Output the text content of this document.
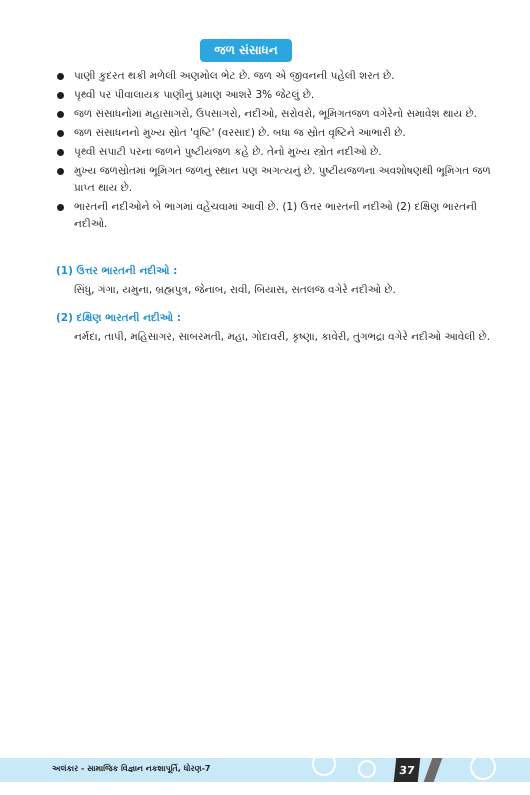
જળ સંસાધન
પાણી કુદરત થકી મળેલી અણમોલ ભેટ છે. જળ એ જીવનની પહેલી શરત છે.
પૃથ્વી પર પીવાલાયક પાણીનું પ્રમાણ આશરે 3% જેટલું છે.
જળ સંસાધનોમાં મહાસાગરો, ઉપસાગરો, નદીઓ, સરોવરો, ભૂમિગતજળ વગેરેનો સમાવેશ થાય છે.
જળ સંસાધનનો મુખ્ય સ્રોત 'વૃષ્ટિ' (વરસાદ) છે. બધા જ સ્રોત વૃષ્ટિને આભારી છે.
પૃથ્વી સપાટી પરના જળને પુષ્ટીયજળ કહે છે. તેનો મુખ્ય સ્ત્રોત નદીઓ છે.
મુખ્ય જળસ્રોતમાં ભૂમિગત જળનું સ્થાન પણ અગત્યનું છે. પુષ્ટીયજળના અવશોષણથી ભૂમિગત જળ પ્રાપ્ત થાય છે.
ભારતની નદીઓને બે ભાગમાં વહેંચવામાં આવી છે. (1) ઉત્તર ભારતની નદીઓ (2) દક્ષિણ ભારતની નદીઓ.
(1) ઉત્તર ભારતની નદીઓ :

સિંધુ, ગંગા, યમુના, બ્રહ્મપુત્ર, જેનાબ, રાવી, બિયાસ, સતલજ વગેરે નદીઓ છે.

(2) દક્ષિણ ભારતની નદીઓ :

નર્મદા, તાપી, મહિસાગર, સાબરમતી, મહા, ગોદાવરી, કૃષ્ણા, કાવેરી, તુંગભદ્રા વગેરે નદીઓ આવેલી છે.

અલંકાર - સામાજિક વિજ્ઞાન નકશાપૂર્તિ, ધોરણ-7	37
